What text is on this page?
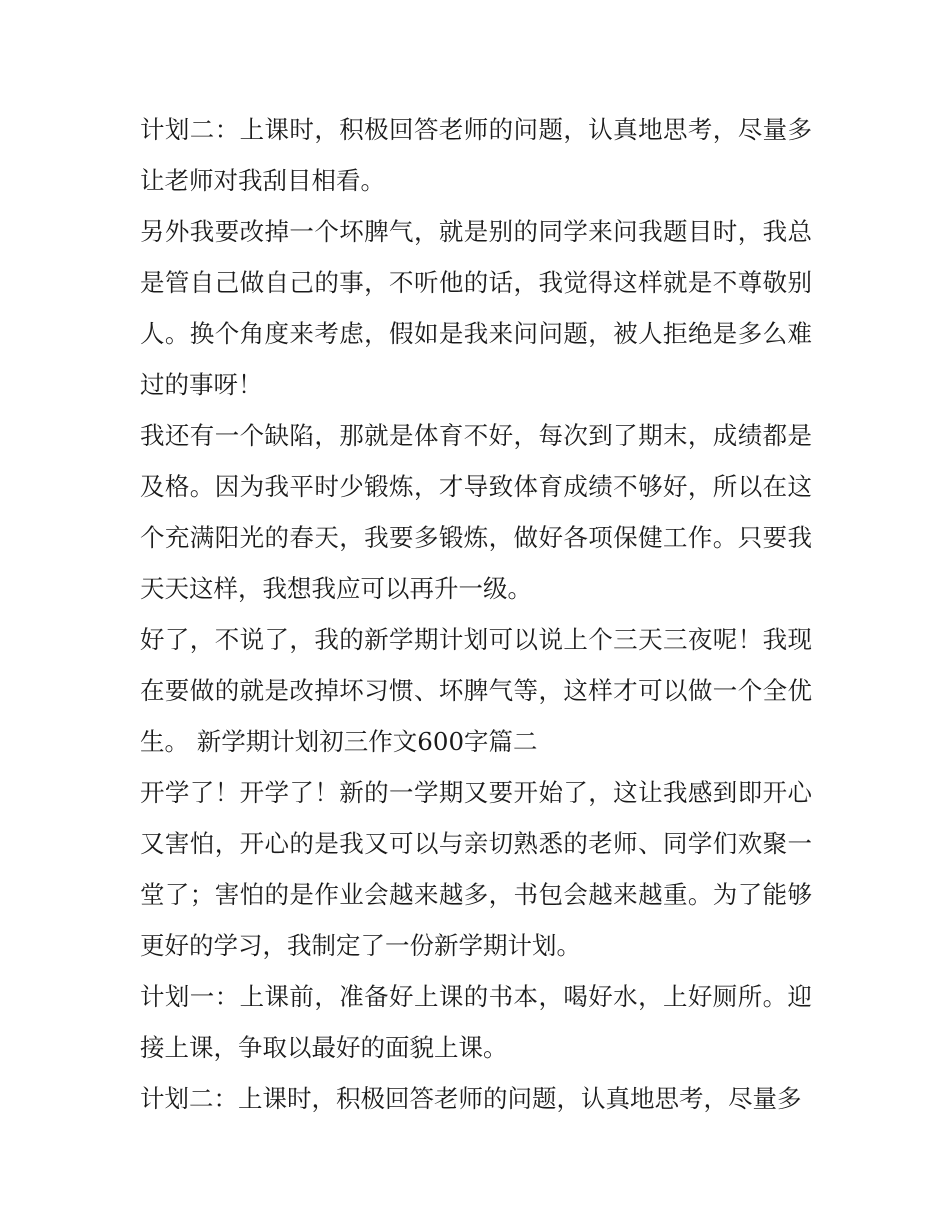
计划二：上课时，积极回答老师的问题，认真地思考，尽量多让老师对我刮目相看。

另外我要改掉一个坏脾气，就是别的同学来问我题目时，我总是管自己做自己的事，不听他的话，我觉得这样就是不尊敬别人。换个角度来考虑，假如是我来问问题，被人拒绝是多么难过的事呀！

我还有一个缺陷，那就是体育不好，每次到了期末，成绩都是及格。因为我平时少锻炼，才导致体育成绩不够好，所以在这个充满阳光的春天，我要多锻炼，做好各项保健工作。只要我天天这样，我想我应可以再升一级。

好了，不说了，我的新学期计划可以说上个三天三夜呢！我现在要做的就是改掉坏习惯、坏脾气等，这样才可以做一个全优生。 新学期计划初三作文600字篇二

开学了！开学了！新的一学期又要开始了，这让我感到即开心又害怕，开心的是我又可以与亲切熟悉的老师、同学们欢聚一堂了；害怕的是作业会越来越多，书包会越来越重。为了能够更好的学习，我制定了一份新学期计划。

计划一：上课前，准备好上课的书本，喝好水，上好厕所。迎接上课，争取以最好的面貌上课。

计划二：上课时，积极回答老师的问题，认真地思考，尽量多
